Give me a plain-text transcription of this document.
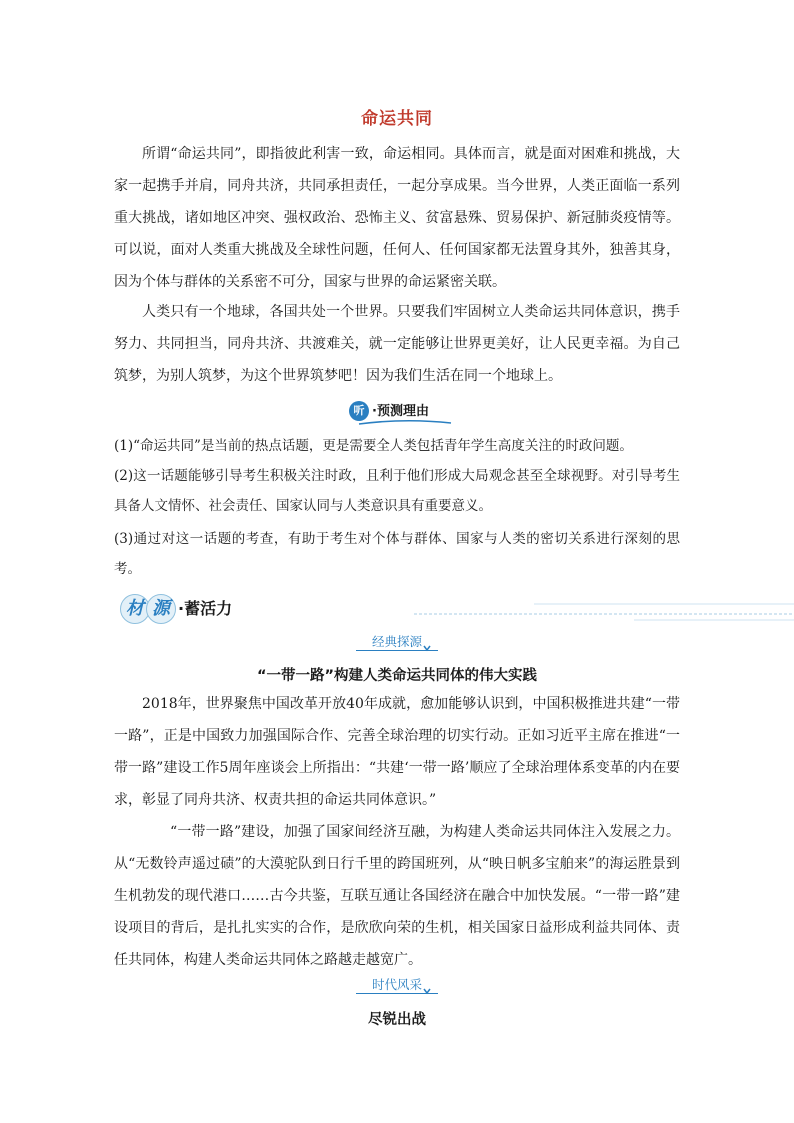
命运共同

所谓“命运共同”，即指彼此利害一致，命运相同。具体而言，就是面对困难和挑战，大家一起携手并肩，同舟共济，共同承担责任，一起分享成果。当今世界，人类正面临一系列重大挑战，诸如地区冲突、强权政治、恐怖主义、贫富悬殊、贸易保护、新冠肺炎疫情等。可以说，面对人类重大挑战及全球性问题，任何人、任何国家都无法置身其外，独善其身，因为个体与群体的关系密不可分，国家与世界的命运紧密关联。

人类只有一个地球，各国共处一个世界。只要我们牢固树立人类命运共同体意识，携手努力、共同担当，同舟共济、共渡难关，就一定能够让世界更美好，让人民更幸福。为自己筑梦，为别人筑梦，为这个世界筑梦吧！因为我们生活在同一个地球上。

听 ·预测理由

(1)“命运共同”是当前的热点话题，更是需要全人类包括青年学生高度关注的时政问题。

(2)这一话题能够引导考生积极关注时政，且利于他们形成大局观念甚至全球视野。对引导考生具备人文情怀、社会责任、国家认同与人类意识具有重要意义。

(3)通过对这一话题的考查，有助于考生对个体与群体、国家与人类的密切关系进行深刻的思考。

材 源 ·蓄活力
经典探源
“一带一路”构建人类命运共同体的伟大实践

2018年，世界聚焦中国改革开放40年成就，愈加能够认识到，中国积极推进共建“一带一路”，正是中国致力加强国际合作、完善全球治理的切实行动。正如习近平主席在推进“一带一路”建设工作5周年座谈会上所指出：“共建‘一带一路’顺应了全球治理体系变革的内在要求，彰显了同舟共济、权责共担的命运共同体意识。”

“一带一路”建设，加强了国家间经济互融，为构建人类命运共同体注入发展之力。从“无数铃声遥过碛”的大漠驼队到日行千里的跨国班列，从“映日帆多宝舶来”的海运胜景到生机勃发的现代港口……古今共鉴，互联互通让各国经济在融合中加快发展。“一带一路”建设项目的背后，是扎扎实实的合作，是欣欣向荣的生机，相关国家日益形成利益共同体、责任共同体，构建人类命运共同体之路越走越宽广。

时代风采
尽锐出战
